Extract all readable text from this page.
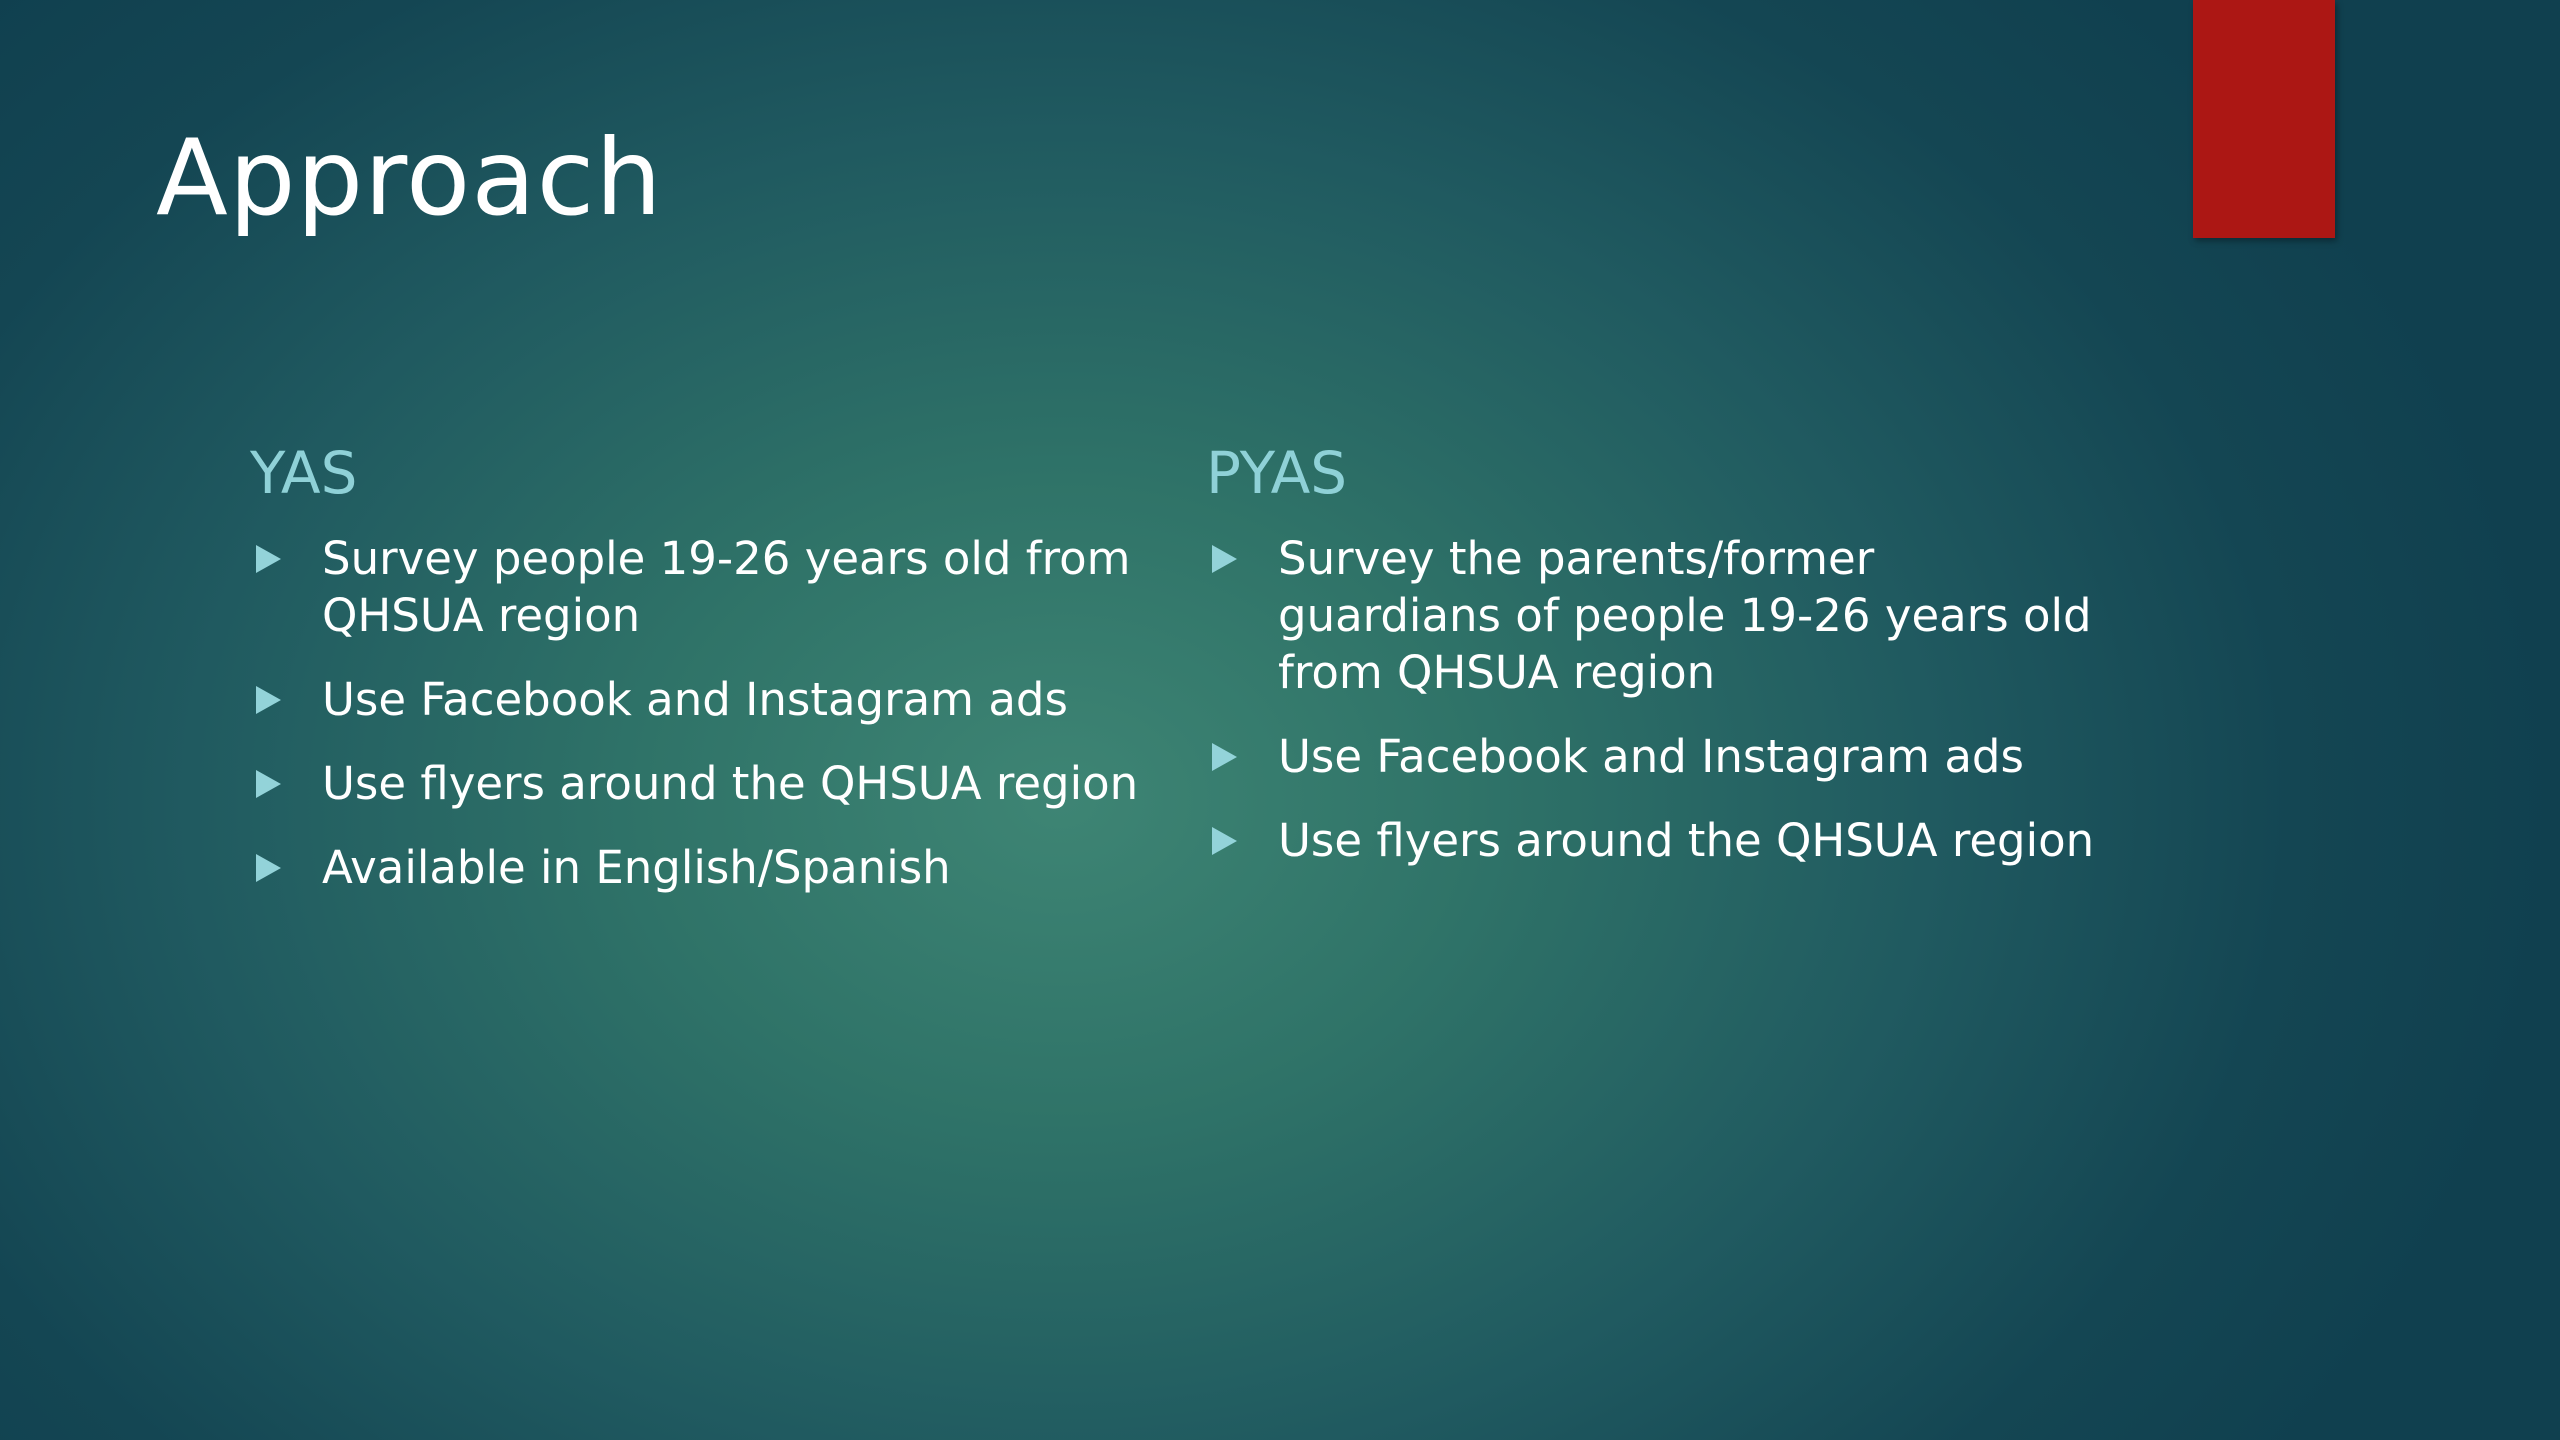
Approach
YAS
Survey people 19-26 years old from QHSUA region
Use Facebook and Instagram ads
Use flyers around the QHSUA region
Available in English/Spanish
PYAS
Survey the parents/former guardians of people 19-26 years old from QHSUA region
Use Facebook and Instagram ads
Use flyers around the QHSUA region
